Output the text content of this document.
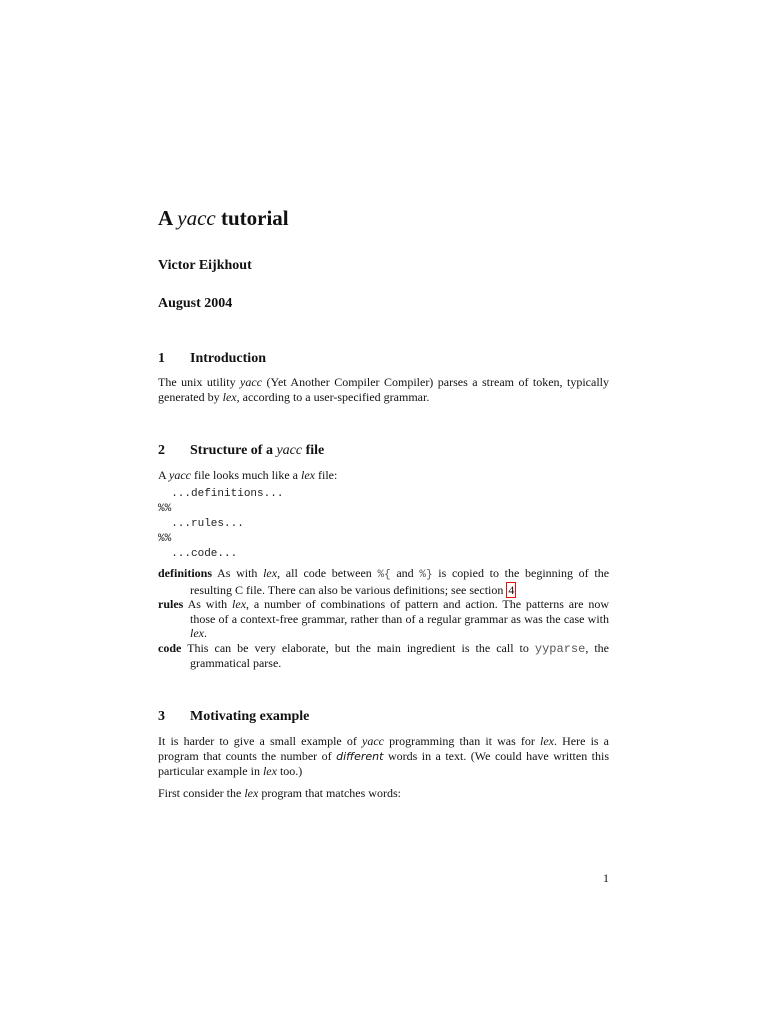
A yacc tutorial
Victor Eijkhout
August 2004
1 Introduction

The unix utility yacc (Yet Another Compiler Compiler) parses a stream of token, typically generated by lex, according to a user-specified grammar.

2 Structure of a yacc file

A yacc file looks much like a lex file:

...definitions...
%%
...rules...
%%
...code...
definitions As with lex, all code between %{ and %} is copied to the beginning of the resulting C file. There can also be various definitions; see section 4
rules As with lex, a number of combinations of pattern and action. The patterns are now those of a context-free grammar, rather than of a regular grammar as was the case with lex.
code This can be very elaborate, but the main ingredient is the call to yyparse, the grammatical parse.
3 Motivating example

It is harder to give a small example of yacc programming than it was for lex. Here is a program that counts the number of different words in a text. (We could have written this particular example in lex too.)

First consider the lex program that matches words:

1
